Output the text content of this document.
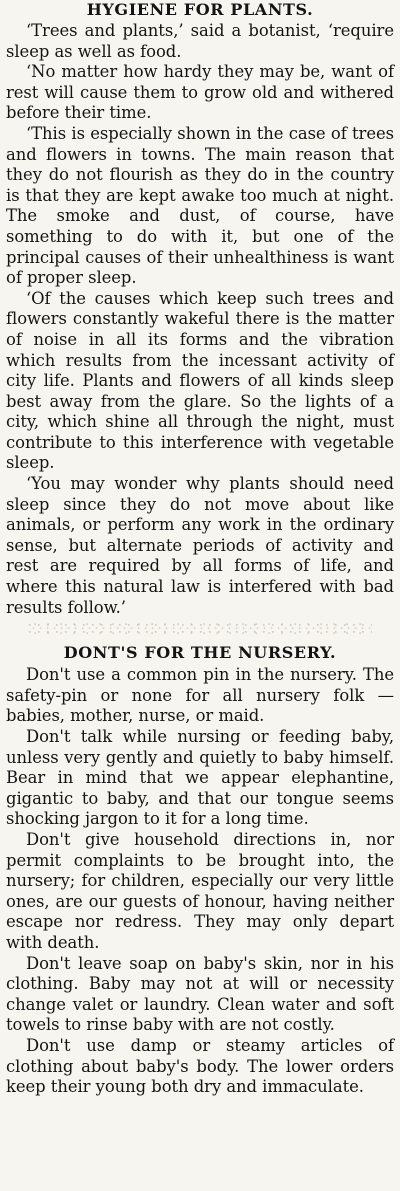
HYGIENE FOR PLANTS.

‘Trees and plants,’ said a botanist, ‘require sleep as well as food.

‘No matter how hardy they may be, want of rest will cause them to grow old and withered before their time.

‘This is especially shown in the case of trees and flowers in towns. The main reason that they do not flourish as they do in the country is that they are kept awake too much at night. The smoke and dust, of course, have something to do with it, but one of the principal causes of their unhealthiness is want of proper sleep.

‘Of the causes which keep such trees and flowers constantly wakeful there is the matter of noise in all its forms and the vibration which results from the incessant activity of city life. Plants and flowers of all kinds sleep best away from the glare. So the lights of a city, which shine all through the night, must contribute to this interference with vegetable sleep.

‘You may wonder why plants should need sleep since they do not move about like animals, or perform any work in the ordinary sense, but alternate periods of activity and rest are required by all forms of life, and where this natural law is interfered with bad results follow.’

DONT'S FOR THE NURSERY.

Don't use a common pin in the nursery. The safety-pin or none for all nursery folk —babies, mother, nurse, or maid.

Don't talk while nursing or feeding baby, unless very gently and quietly to baby himself. Bear in mind that we appear elephantine, gigantic to baby, and that our tongue seems shocking jargon to it for a long time.

Don't give household directions in, nor permit complaints to be brought into, the nursery; for children, especially our very little ones, are our guests of honour, having neither escape nor redress. They may only depart with death.

Don't leave soap on baby's skin, nor in his clothing. Baby may not at will or necessity change valet or laundry. Clean water and soft towels to rinse baby with are not costly.

Don't use damp or steamy articles of clothing about baby's body. The lower orders keep their young both dry and immaculate.
